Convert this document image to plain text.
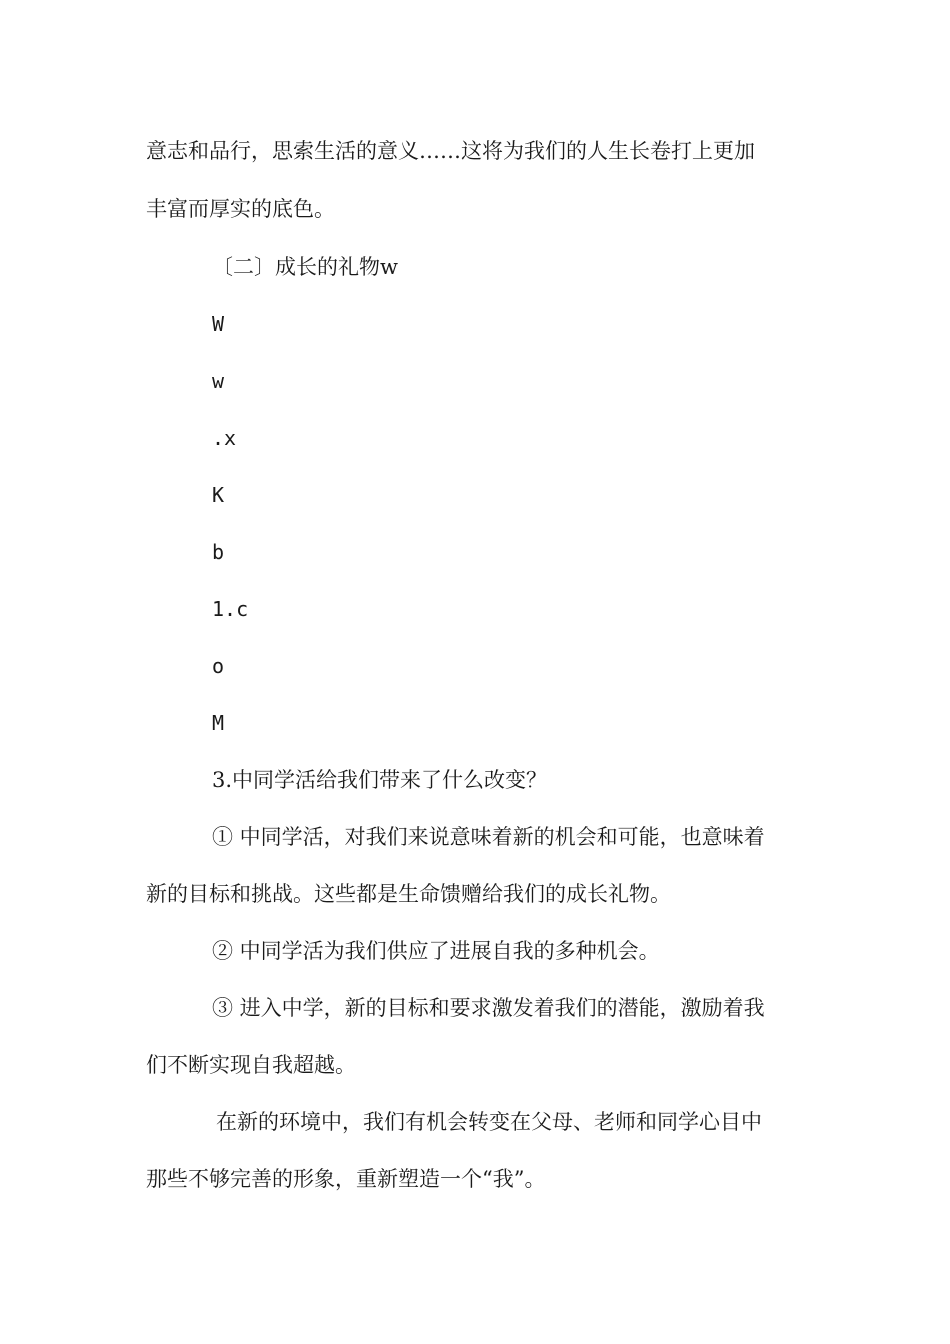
意志和品行，思索生活的意义……这将为我们的人生长卷打上更加
丰富而厚实的底色。
〔二〕成长的礼物w
W
w
.x
K
b
1.c
o
M
3.中同学活给我们带来了什么改变？
① 中同学活，对我们来说意味着新的机会和可能，也意味着
新的目标和挑战。这些都是生命馈赠给我们的成长礼物。
② 中同学活为我们供应了进展自我的多种机会。
③ 进入中学，新的目标和要求激发着我们的潜能，激励着我
们不断实现自我超越。
在新的环境中，我们有机会转变在父母、老师和同学心目中
那些不够完善的形象，重新塑造一个“我”。
